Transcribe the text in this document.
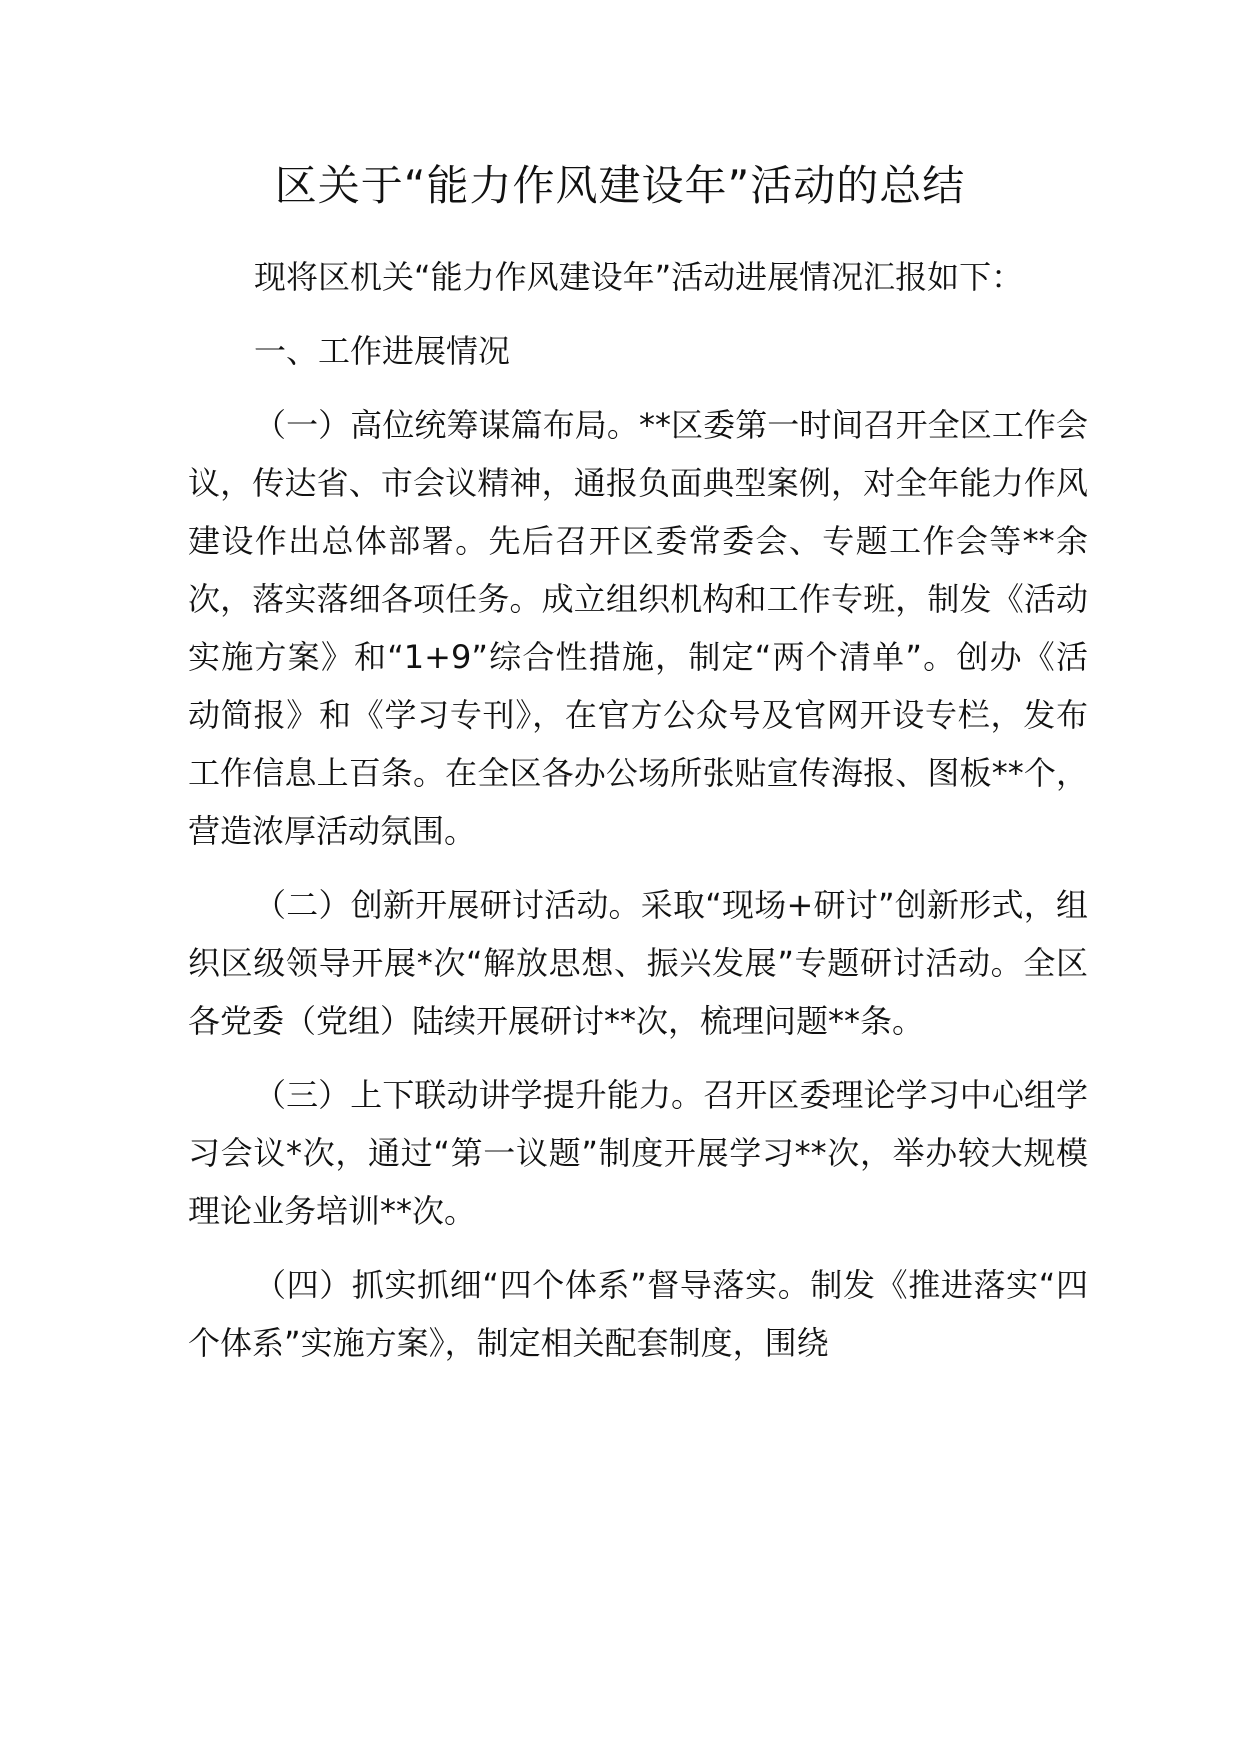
区关于“能力作风建设年”活动的总结

现将区机关“能力作风建设年”活动进展情况汇报如下：

一、工作进展情况

（一）高位统筹谋篇布局。**区委第一时间召开全区工作会议，传达省、市会议精神，通报负面典型案例，对全年能力作风建设作出总体部署。先后召开区委常委会、专题工作会等**余次，落实落细各项任务。成立组织机构和工作专班，制发《活动实施方案》和“1+9”综合性措施，制定“两个清单”。创办《活动简报》和《学习专刊》，在官方公众号及官网开设专栏，发布工作信息上百条。在全区各办公场所张贴宣传海报、图板**个，营造浓厚活动氛围。

（二）创新开展研讨活动。采取“现场+研讨”创新形式，组织区级领导开展*次“解放思想、振兴发展”专题研讨活动。全区各党委（党组）陆续开展研讨**次，梳理问题**条。

（三）上下联动讲学提升能力。召开区委理论学习中心组学习会议*次，通过“第一议题”制度开展学习**次，举办较大规模理论业务培训**次。

（四）抓实抓细“四个体系”督导落实。制发《推进落实“四个体系”实施方案》，制定相关配套制度，围绕
